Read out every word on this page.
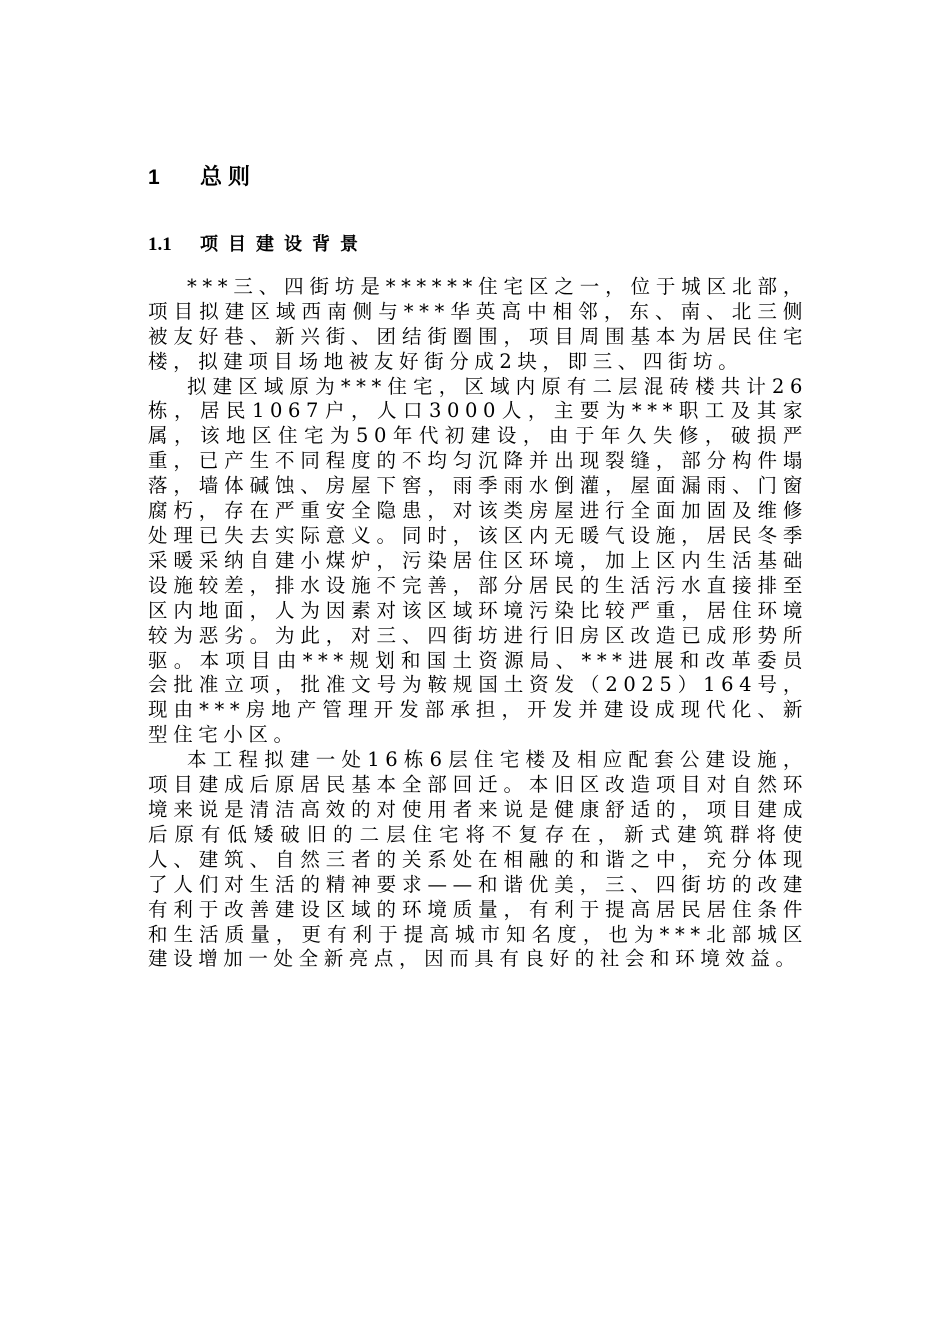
1	总则
1.1	项目建设背景

***三、四街坊是******住宅区之一，位于城区北部，项目拟建区域西南侧与***华英高中相邻，东、南、北三侧被友好巷、新兴街、团结街圈围，项目周围基本为居民住宅楼，拟建项目场地被友好街分成2块，即三、四街坊。

拟建区域原为***住宅，区域内原有二层混砖楼共计26栋，居民1067户，人口3000人，主要为***职工及其家属，该地区住宅为50年代初建设，由于年久失修，破损严重，已产生不同程度的不均匀沉降并出现裂缝，部分构件塌落，墙体碱蚀、房屋下窖，雨季雨水倒灌，屋面漏雨、门窗腐朽，存在严重安全隐患，对该类房屋进行全面加固及维修处理已失去实际意义。同时，该区内无暖气设施，居民冬季采暖采纳自建小煤炉，污染居住区环境，加上区内生活基础设施较差，排水设施不完善，部分居民的生活污水直接排至区内地面，人为因素对该区域环境污染比较严重，居住环境较为恶劣。为此，对三、四街坊进行旧房区改造已成形势所驱。本项目由***规划和国土资源局、***进展和改革委员会批准立项，批准文号为鞍规国土资发（2025）164号，现由***房地产管理开发部承担，开发并建设成现代化、新型住宅小区。

本工程拟建一处16栋6层住宅楼及相应配套公建设施，项目建成后原居民基本全部回迁。本旧区改造项目对自然环境来说是清洁高效的对使用者来说是健康舒适的，项目建成后原有低矮破旧的二层住宅将不复存在，新式建筑群将使人、建筑、自然三者的关系处在相融的和谐之中，充分体现了人们对生活的精神要求——和谐优美，三、四街坊的改建有利于改善建设区域的环境质量，有利于提高居民居住条件和生活质量，更有利于提高城市知名度，也为***北部城区建设增加一处全新亮点，因而具有良好的社会和环境效益。
